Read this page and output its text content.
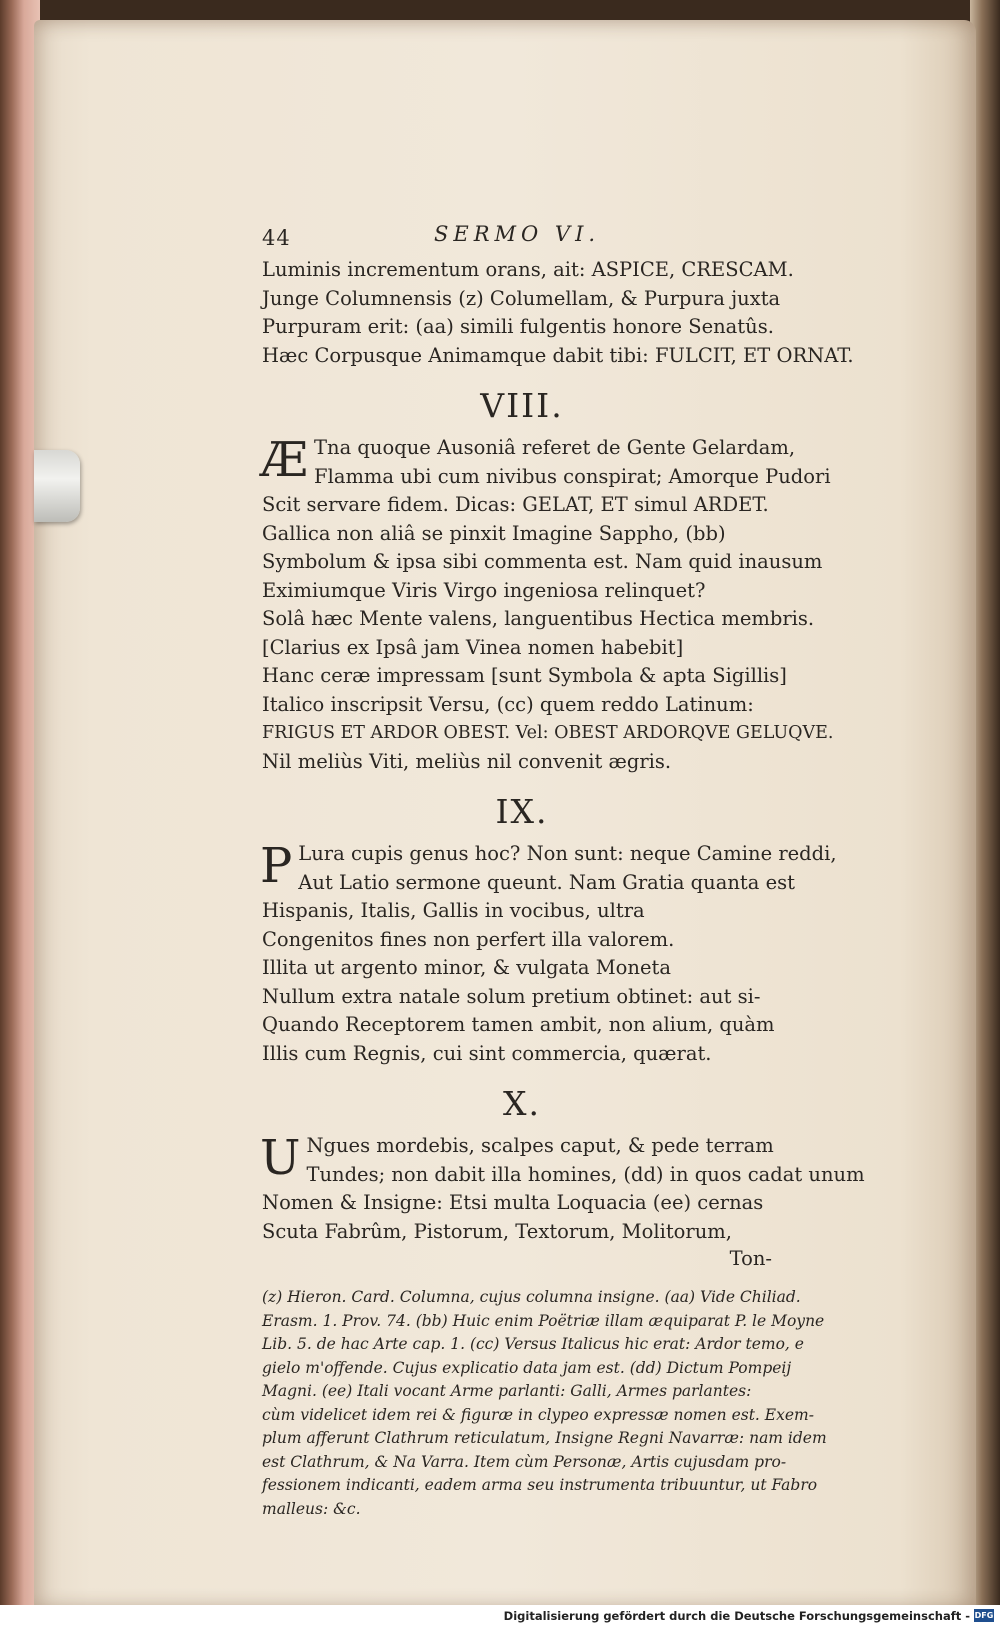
44	SERMO VI.
Luminis incrementum orans, ait: ASPICE, CRESCAM.
Junge Columnensis (z) Columellam, & Purpura juxta
Purpuram erit: (aa) simili fulgentis honore Senatûs.
Hæc Corpusque Animamque dabit tibi: FULCIT, ET ORNAT.
VIII.
Æ Tna quoque Ausoniâ referet de Gente Gelardam,
Flamma ubi cum nivibus conspirat; Amorque Pudori
Scit servare fidem. Dicas: GELAT, ET simul ARDET.
Gallica non aliâ se pinxit Imagine Sappho, (bb)
Symbolum & ipsa sibi commenta est. Nam quid inausum
Eximiumque Viris Virgo ingeniosa relinquet?
Solâ hæc Mente valens, languentibus Hectica membris.
[Clarius ex Ipsâ jam Vinea nomen habebit]
Hanc ceræ impressam [sunt Symbola & apta Sigillis]
Italico inscripsit Versu, (cc) quem reddo Latinum:
FRIGUS ET ARDOR OBEST. Vel: OBEST ARDORQVE GELUQVE.
Nil meliùs Viti, meliùs nil convenit ægris.
IX.
P Lura cupis genus hoc? Non sunt: neque Camine reddi,
Aut Latio sermone queunt. Nam Gratia quanta est
Hispanis, Italis, Gallis in vocibus, ultra
Congenitos fines non perfert illa valorem.
Illita ut argento minor, & vulgata Moneta
Nullum extra natale solum pretium obtinet: aut si-
Quando Receptorem tamen ambit, non alium, quàm
Illis cum Regnis, cui sint commercia, quærat.
X.
U Ngues mordebis, scalpes caput, & pede terram
Tundes; non dabit illa homines, (dd) in quos cadat unum
Nomen & Insigne: Etsi multa Loquacia (ee) cernas
Scuta Fabrûm, Pistorum, Textorum, Molitorum,
Ton-
(z) Hieron. Card. Columna, cujus columna insigne. (aa) Vide Chiliad.
Erasm. 1. Prov. 74. (bb) Huic enim Poëtriæ illam æquiparat P. le Moyne
Lib. 5. de hac Arte cap. 1. (cc) Versus Italicus hic erat: Ardor temo, e
gielo m'offende. Cujus explicatio data jam est. (dd) Dictum Pompeij
Magni. (ee) Itali vocant Arme parlanti: Galli, Armes parlantes:
cùm videlicet idem rei & figuræ in clypeo expressæ nomen est. Exem-
plum afferunt Clathrum reticulatum, Insigne Regni Navarræ: nam idem
est Clathrum, & Na Varra. Item cùm Personæ, Artis cujusdam pro-
fessionem indicanti, eadem arma seu instrumenta tribuuntur, ut Fabro
malleus: &c.
Digitalisierung gefördert durch die Deutsche Forschungsgemeinschaft - DFG
